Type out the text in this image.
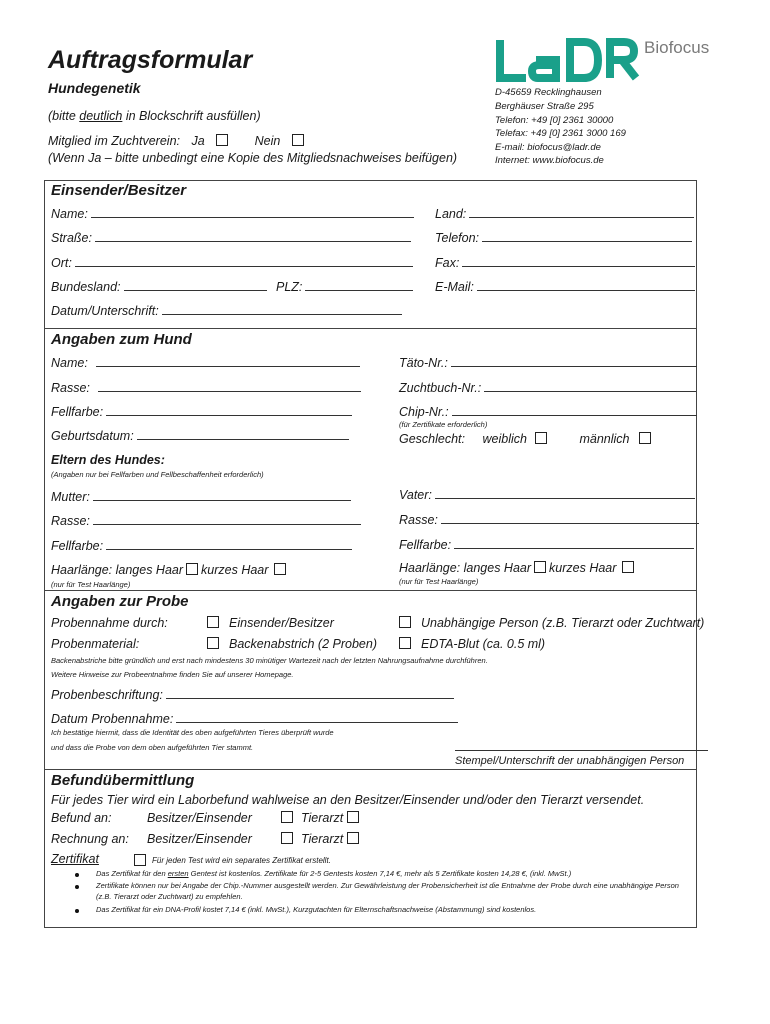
Auftragsformular
Hundegenetik
(bitte deutlich in Blockschrift ausfüllen)
Mitglied im Zuchtverein: Ja	Nein
(Wenn Ja – bitte unbedingt eine Kopie des Mitgliedsnachweises beifügen)
Biofocus
D-45659 Recklinghausen
Berghäuser Straße 295
Telefon: +49 [0] 2361 30000
Telefax: +49 [0] 2361 3000 169
E-mail: biofocus@ladr.de
Internet: www.biofocus.de
Einsender/Besitzer
Name:	Land:
Straße:	Telefon:
Ort:	Fax:
Bundesland:	PLZ:	E-Mail:
Datum/Unterschrift:
Angaben zum Hund
Name:	Täto-Nr.:
Rasse:	Zuchtbuch-Nr.:
Fellfarbe:	Chip-Nr.:
(für Zertifikate erforderlich)
Geburtsdatum:	Geschlecht: weiblich	männlich
Eltern des Hundes:
(Angaben nur bei Fellfarben und Fellbeschaffenheit erforderlich)
Mutter:	Vater:
Rasse:	Rasse:
Fellfarbe:	Fellfarbe:
Haarlänge: langes Haar kurzes Haar	Haarlänge: langes Haar kurzes Haar
(nur für Test Haarlänge)	(nur für Test Haarlänge)
Angaben zur Probe
Probennahme durch:	Einsender/Besitzer	Unabhängige Person (z.B. Tierarzt oder Zuchtwart)
Probenmaterial:	Backenabstrich (2 Proben)	EDTA-Blut (ca. 0.5 ml)
Backenabstriche bitte gründlich und erst nach mindestens 30 minütiger Wartezeit nach der letzten Nahrungsaufnahme durchführen.
Weitere Hinweise zur Probeentnahme finden Sie auf unserer Homepage.
Probenbeschriftung:
Datum Probennahme:
Ich bestätige hiermit, dass die Identität des oben aufgeführten Tieres überprüft wurde
und dass die Probe von dem oben aufgeführten Tier stammt.
Stempel/Unterschrift der unabhängigen Person
Befundübermittlung
Für jedes Tier wird ein Laborbefund wahlweise an den Besitzer/Einsender und/oder den Tierarzt versendet.
Befund an:	Besitzer/Einsender	Tierarzt
Rechnung an: Besitzer/Einsender	Tierarzt
Zertifikat	Für jeden Test wird ein separates Zertifikat erstellt.
Das Zertifikat für den ersten Gentest ist kostenlos. Zertifikate für 2-5 Gentests kosten 7,14 €, mehr als 5 Zertifikate kosten 14,28 €, (inkl. MwSt.)
Zertifikate können nur bei Angabe der Chip.-Nummer ausgestellt werden. Zur Gewährleistung der Probensicherheit ist die Entnahme der Probe durch eine unabhängige Person (z.B. Tierarzt oder Zuchtwart) zu empfehlen.
Das Zertifikat für ein DNA-Profil kostet 7,14 € (inkl. MwSt.), Kurzgutachten für Elternschaftsnachweise (Abstammung) sind kostenlos.
